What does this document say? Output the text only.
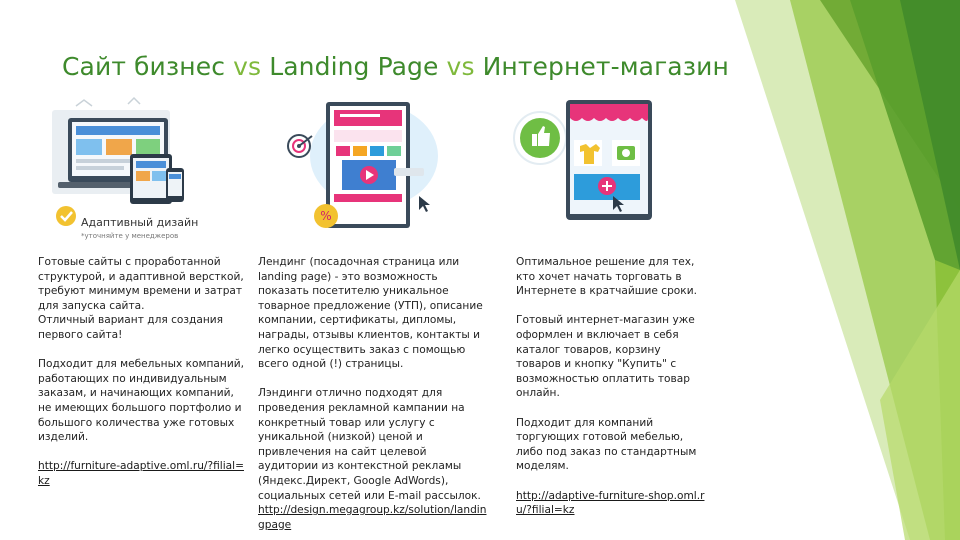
Сайт бизнес vs Landing Page vs Интернет-магазин
Адаптивный дизайн
*уточняйте у менеджеров
%

Готовые сайты с проработанной структурой, и адаптивной версткой, требуют минимум времени и затрат для запуска сайта.
Отличный вариант для создания первого сайта!

Подходит для мебельных компаний, работающих по индивидуальным заказам, и начинающих компаний, не имеющих большого портфолио и большого количества уже готовых изделий.

http://furniture-adaptive.oml.ru/?filial=kz

Лендинг (посадочная страница или landing page) - это возможность показать посетителю уникальное товарное предложение (УТП), описание компании, сертификаты, дипломы, награды, отзывы клиентов, контакты и легко осуществить заказ с помощью всего одной (!) страницы.

Лэндинги отлично подходят для проведения рекламной кампании на конкретный товар или услугу с уникальной (низкой) ценой и привлечения на сайт целевой аудитории из контекстной рекламы (Яндекс.Директ, Google AdWords), социальных сетей или E-mail рассылок.

http://design.megagroup.kz/solution/landingpage

Оптимальное решение для тех, кто хочет начать торговать в Интернете в кратчайшие сроки.

Готовый интернет-магазин уже оформлен и включает в себя каталог товаров, корзину товаров и кнопку "Купить" с возможностью оплатить товар онлайн.

Подходит для компаний торгующих готовой мебелью, либо под заказ по стандартным моделям.

http://adaptive-furniture-shop.oml.ru/?filial=kz
